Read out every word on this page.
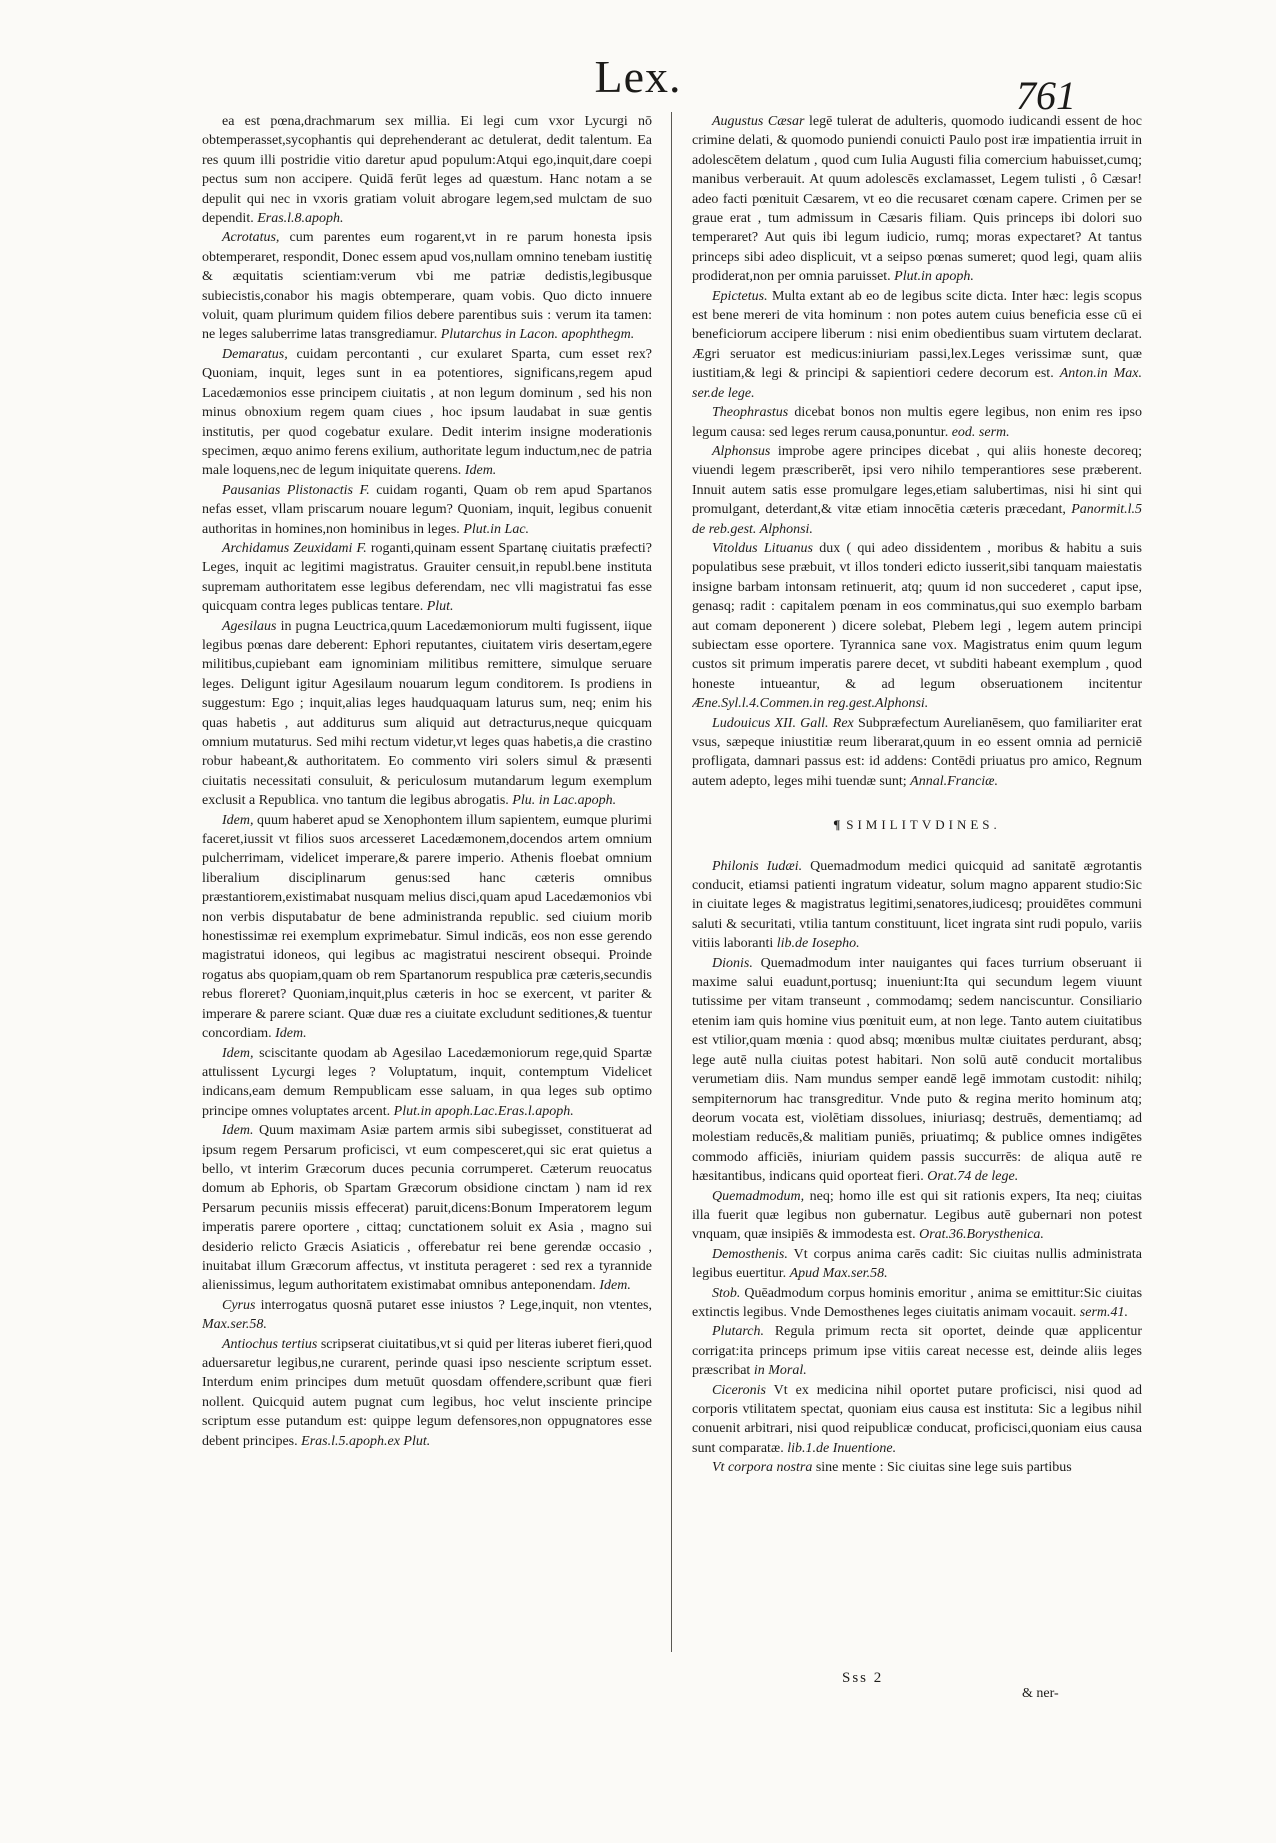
Lex.	761

ea est pœna,drachmarum sex millia. Ei legi cum vxor Lycurgi nō obtemperasset,sycophantis qui deprehenderant ac detulerat, dedit talentum. Ea res quum illi postridie vitio daretur apud populum:Atqui ego,inquit,dare coepi pectus sum non accipere. Quidā ferūt leges ad quæstum. Hanc notam a se depulit qui nec in vxoris gratiam voluit abrogare legem,sed mulctam de suo dependit. Eras.l.8.apoph.

Acrotatus, cum parentes eum rogarent,vt in re parum honesta ipsis obtemperaret, respondit, Donec essem apud vos,nullam omnino tenebam iustitię & æquitatis scientiam:verum vbi me patriæ dedistis,legibusque subiecistis,conabor his magis obtemperare, quam vobis. Quo dicto innuere voluit, quam plurimum quidem filios debere parentibus suis : verum ita tamen: ne leges saluberrime latas transgrediamur. Plutarchus in Lacon. apophthegm.

Demaratus, cuidam percontanti , cur exularet Sparta, cum esset rex? Quoniam, inquit, leges sunt in ea potentiores, significans,regem apud Lacedæmonios esse principem ciuitatis , at non legum dominum , sed his non minus obnoxium regem quam ciues , hoc ipsum laudabat in suæ gentis institutis, per quod cogebatur exulare. Dedit interim insigne moderationis specimen, æquo animo ferens exilium, authoritate legum inductum,nec de patria male loquens,nec de legum iniquitate querens. Idem.

Pausanias Plistonactis F. cuidam roganti, Quam ob rem apud Spartanos nefas esset, vllam priscarum nouare legum? Quoniam, inquit, legibus conuenit authoritas in homines,non hominibus in leges. Plut.in Lac.

Archidamus Zeuxidami F. roganti,quinam essent Spartanę ciuitatis præfecti? Leges, inquit ac legitimi magistratus. Grauiter censuit,in republ.bene instituta supremam authoritatem esse legibus deferendam, nec vlli magistratui fas esse quicquam contra leges publicas tentare. Plut.

Agesilaus in pugna Leuctrica,quum Lacedæmoniorum multi fugissent, iique legibus pœnas dare deberent: Ephori reputantes, ciuitatem viris desertam,egere militibus,cupiebant eam ignominiam militibus remittere, simulque seruare leges. Deligunt igitur Agesilaum nouarum legum conditorem. Is prodiens in suggestum: Ego ; inquit,alias leges haudquaquam laturus sum, neq; enim his quas habetis , aut additurus sum aliquid aut detracturus,neque quicquam omnium mutaturus. Sed mihi rectum videtur,vt leges quas habetis,a die crastino robur habeant,& authoritatem. Eo commento viri solers simul & præsenti ciuitatis necessitati consuluit, & periculosum mutandarum legum exemplum exclusit a Republica. vno tantum die legibus abrogatis. Plu. in Lac.apoph.

Idem, quum haberet apud se Xenophontem illum sapientem, eumque plurimi faceret,iussit vt filios suos arcesseret Lacedæmonem,docendos artem omnium pulcherrimam, videlicet imperare,& parere imperio. Athenis floebat omnium liberalium disciplinarum genus:sed hanc cæteris omnibus præstantiorem,existimabat nusquam melius disci,quam apud Lacedæmonios vbi non verbis disputabatur de bene administranda republic. sed ciuium morib honestissimæ rei exemplum exprimebatur. Simul indicās, eos non esse gerendo magistratui idoneos, qui legibus ac magistratui nescirent obsequi. Proinde rogatus abs quopiam,quam ob rem Spartanorum respublica præ cæteris,secundis rebus floreret? Quoniam,inquit,plus cæteris in hoc se exercent, vt pariter & imperare & parere sciant. Quæ duæ res a ciuitate excludunt seditiones,& tuentur concordiam. Idem.

Idem, sciscitante quodam ab Agesilao Lacedæmoniorum rege,quid Spartæ attulissent Lycurgi leges ? Voluptatum, inquit, contemptum Videlicet indicans,eam demum Rempublicam esse saluam, in qua leges sub optimo principe omnes voluptates arcent. Plut.in apoph.Lac.Eras.l.apoph.

Idem. Quum maximam Asiæ partem armis sibi subegisset, constituerat ad ipsum regem Persarum proficisci, vt eum compesceret,qui sic erat quietus a bello, vt interim Græcorum duces pecunia corrumperet. Cæterum reuocatus domum ab Ephoris, ob Spartam Græcorum obsidione cinctam ) nam id rex Persarum pecuniis missis effecerat) paruit,dicens:Bonum Imperatorem legum imperatis parere oportere , cittaq; cunctationem soluit ex Asia , magno sui desiderio relicto Græcis Asiaticis , offerebatur rei bene gerendæ occasio , inuitabat illum Græcorum affectus, vt instituta perageret : sed rex a tyrannide alienissimus, legum authoritatem existimabat omnibus anteponendam. Idem.

Cyrus interrogatus quosnā putaret esse iniustos ? Lege,inquit, non vtentes, Max.ser.58.

Antiochus tertius scripserat ciuitatibus,vt si quid per literas iuberet fieri,quod aduersaretur legibus,ne curarent, perinde quasi ipso nesciente scriptum esset. Interdum enim principes dum metuūt quosdam offendere,scribunt quæ fieri nollent. Quicquid autem pugnat cum legibus, hoc velut insciente principe scriptum esse putandum est: quippe legum defensores,non oppugnatores esse debent principes. Eras.l.5.apoph.ex Plut.

Augustus Cæsar legē tulerat de adulteris, quomodo iudicandi essent de hoc crimine delati, & quomodo puniendi conuicti Paulo post iræ impatientia irruit in adolescētem delatum , quod cum Iulia Augusti filia comercium habuisset,cumq; manibus verberauit. At quum adolescēs exclamasset, Legem tulisti , ô Cæsar! adeo facti pœnituit Cæsarem, vt eo die recusaret cœnam capere. Crimen per se graue erat , tum admissum in Cæsaris filiam. Quis princeps ibi dolori suo temperaret? Aut quis ibi legum iudicio, rumq; moras expectaret? At tantus princeps sibi adeo displicuit, vt a seipso pœnas sumeret; quod legi, quam aliis prodiderat,non per omnia paruisset. Plut.in apoph.

Epictetus. Multa extant ab eo de legibus scite dicta. Inter hæc: legis scopus est bene mereri de vita hominum : non potes autem cuius beneficia esse cū ei beneficiorum accipere liberum : nisi enim obedientibus suam virtutem declarat. Ægri seruator est medicus:iniuriam passi,lex.Leges verissimæ sunt, quæ iustitiam,& legi & principi & sapientiori cedere decorum est. Anton.in Max. ser.de lege.

Theophrastus dicebat bonos non multis egere legibus, non enim res ipso legum causa: sed leges rerum causa,ponuntur. eod. serm.

Alphonsus improbe agere principes dicebat , qui aliis honeste decoreq; viuendi legem præscriberēt, ipsi vero nihilo temperantiores sese præberent. Innuit autem satis esse promulgare leges,etiam salubertimas, nisi hi sint qui promulgant, deterdant,& vitæ etiam innocētia cæteris præcedant, Panormit.l.5 de reb.gest. Alphonsi.

Vitoldus Lituanus dux ( qui adeo dissidentem , moribus & habitu a suis populatibus sese præbuit, vt illos tonderi edicto iusserit,sibi tanquam maiestatis insigne barbam intonsam retinuerit, atq; quum id non succederet , caput ipse, genasq; radit : capitalem pœnam in eos comminatus,qui suo exemplo barbam aut comam deponerent ) dicere solebat, Plebem legi , legem autem principi subiectam esse oportere. Tyrannica sane vox. Magistratus enim quum legum custos sit primum imperatis parere decet, vt subditi habeant exemplum , quod honeste intueantur, & ad legum obseruationem incitentur Æne.Syl.l.4.Commen.in reg.gest.Alphonsi.

Ludouicus XII. Gall. Rex Subpræfectum Aurelianēsem, quo familiariter erat vsus, sæpeque iniustitiæ reum liberarat,quum in eo essent omnia ad perniciē profligata, damnari passus est: id addens: Contēdi priuatus pro amico, Regnum autem adepto, leges mihi tuendæ sunt; Annal.Franciæ.

¶ SIMILITVDINES.

Philonis Iudæi. Quemadmodum medici quicquid ad sanitatē ægrotantis conducit, etiamsi patienti ingratum videatur, solum magno apparent studio:Sic in ciuitate leges & magistratus legitimi,senatores,iudicesq; prouidētes communi saluti & securitati, vtilia tantum constituunt, licet ingrata sint rudi populo, variis vitiis laboranti lib.de Iosepho.

Dionis. Quemadmodum inter nauigantes qui faces turrium obseruant ii maxime salui euadunt,portusq; inueniunt:Ita qui secundum legem viuunt tutissime per vitam transeunt , commodamq; sedem nanciscuntur. Consiliario etenim iam quis homine vius pœnituit eum, at non lege. Tanto autem ciuitatibus est vtilior,quam mœnia : quod absq; mœnibus multæ ciuitates perdurant, absq; lege autē nulla ciuitas potest habitari. Non solū autē conducit mortalibus verumetiam diis. Nam mundus semper eandē legē immotam custodit: nihilq; sempiternorum hac transgreditur. Vnde puto & regina merito hominum atq; deorum vocata est, violētiam dissolues, iniuriasq; destruēs, dementiamq; ad molestiam reducēs,& malitiam puniēs, priuatimq; & publice omnes indigētes commodo afficiēs, iniuriam quidem passis succurrēs: de aliqua autē re hæsitantibus, indicans quid oporteat fieri. Orat.74 de lege.

Quemadmodum, neq; homo ille est qui sit rationis expers, Ita neq; ciuitas illa fuerit quæ legibus non gubernatur. Legibus autē gubernari non potest vnquam, quæ insipiēs & immodesta est. Orat.36.Borysthenica.

Demosthenis. Vt corpus anima carēs cadit: Sic ciuitas nullis administrata legibus euertitur. Apud Max.ser.58.

Stob. Quēadmodum corpus hominis emoritur , anima se emittitur:Sic ciuitas extinctis legibus. Vnde Demosthenes leges ciuitatis animam vocauit. serm.41.

Plutarch. Regula primum recta sit oportet, deinde quæ applicentur corrigat:ita princeps primum ipse vitiis careat necesse est, deinde aliis leges præscribat in Moral.

Ciceronis Vt ex medicina nihil oportet putare proficisci, nisi quod ad corporis vtilitatem spectat, quoniam eius causa est instituta: Sic a legibus nihil conuenit arbitrari, nisi quod reipublicæ conducat, proficisci,quoniam eius causa sunt comparatæ. lib.1.de Inuentione.

Vt corpora nostra sine mente : Sic ciuitas sine lege suis partibus

Sss 2
& ner-
